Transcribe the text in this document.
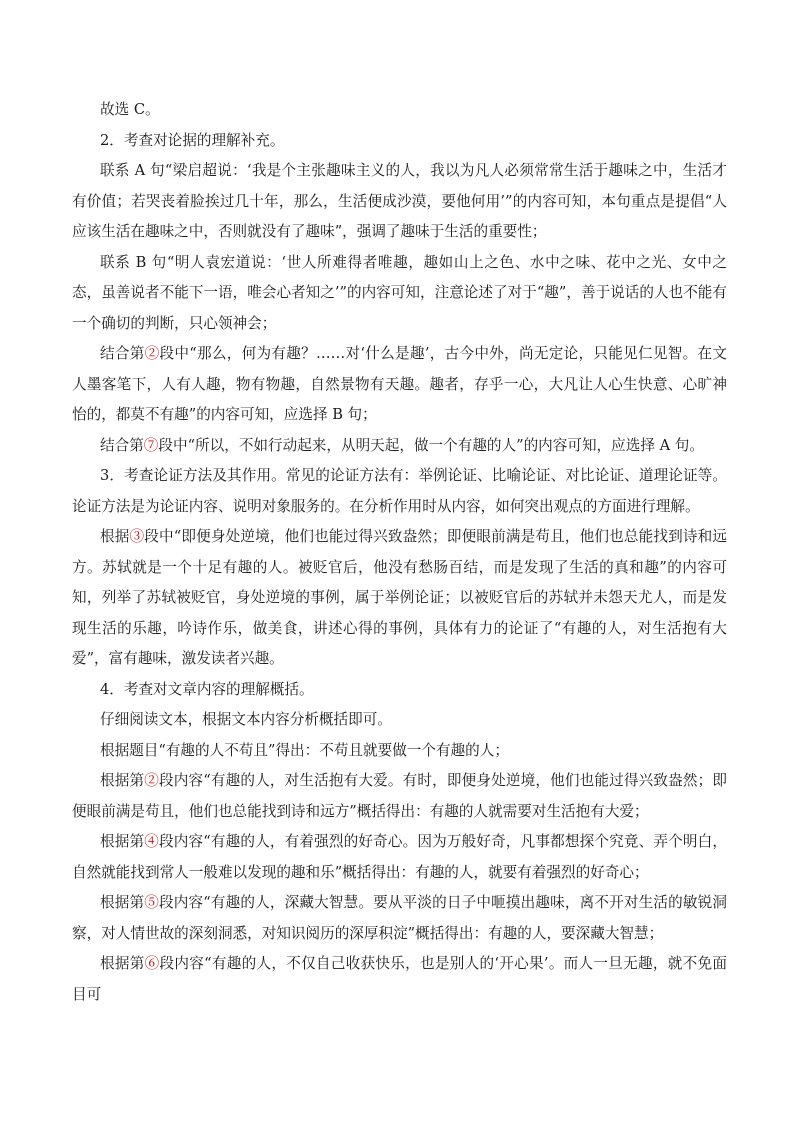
故选 C。

2．考查对论据的理解补充。

联系 A 句“梁启超说：‘我是个主张趣味主义的人，我以为凡人必须常常生活于趣味之中，生活才有价值；若哭丧着脸挨过几十年，那么，生活便成沙漠，要他何用’”的内容可知，本句重点是提倡“人应该生活在趣味之中，否则就没有了趣味”，强调了趣味于生活的重要性；

联系 B 句“明人袁宏道说：‘世人所难得者唯趣，趣如山上之色、水中之味、花中之光、女中之态，虽善说者不能下一语，唯会心者知之’”的内容可知，注意论述了对于“趣”，善于说话的人也不能有一个确切的判断，只心领神会；

结合第②段中“那么，何为有趣？……对‘什么是趣’，古今中外，尚无定论，只能见仁见智。在文人墨客笔下，人有人趣，物有物趣，自然景物有天趣。趣者，存乎一心，大凡让人心生快意、心旷神怡的，都莫不有趣”的内容可知，应选择 B 句；

结合第⑦段中“所以，不如行动起来，从明天起，做一个有趣的人”的内容可知，应选择 A 句。

3．考查论证方法及其作用。常见的论证方法有：举例论证、比喻论证、对比论证、道理论证等。论证方法是为论证内容、说明对象服务的。在分析作用时从内容，如何突出观点的方面进行理解。

根据③段中“即便身处逆境，他们也能过得兴致盎然；即便眼前满是苟且，他们也总能找到诗和远方。苏轼就是一个十足有趣的人。被贬官后，他没有愁肠百结，而是发现了生活的真和趣”的内容可知，列举了苏轼被贬官，身处逆境的事例，属于举例论证；以被贬官后的苏轼并未怨天尤人，而是发现生活的乐趣，吟诗作乐，做美食，讲述心得的事例，具体有力的论证了“有趣的人，对生活抱有大爱”，富有趣味，激发读者兴趣。

4．考查对文章内容的理解概括。

仔细阅读文本，根据文本内容分析概括即可。

根据题目“有趣的人不苟且”得出：不苟且就要做一个有趣的人；

根据第②段内容“有趣的人，对生活抱有大爱。有时，即便身处逆境，他们也能过得兴致盎然；即便眼前满是苟且，他们也总能找到诗和远方”概括得出：有趣的人就需要对生活抱有大爱；

根据第④段内容“有趣的人，有着强烈的好奇心。因为万般好奇，凡事都想探个究竟、弄个明白，自然就能找到常人一般难以发现的趣和乐”概括得出：有趣的人，就要有着强烈的好奇心；

根据第⑤段内容“有趣的人，深藏大智慧。要从平淡的日子中咂摸出趣味，离不开对生活的敏锐洞察，对人情世故的深刻洞悉，对知识阅历的深厚积淀”概括得出：有趣的人，要深藏大智慧；

根据第⑥段内容“有趣的人，不仅自己收获快乐，也是别人的‘开心果’。而人一旦无趣，就不免面目可
